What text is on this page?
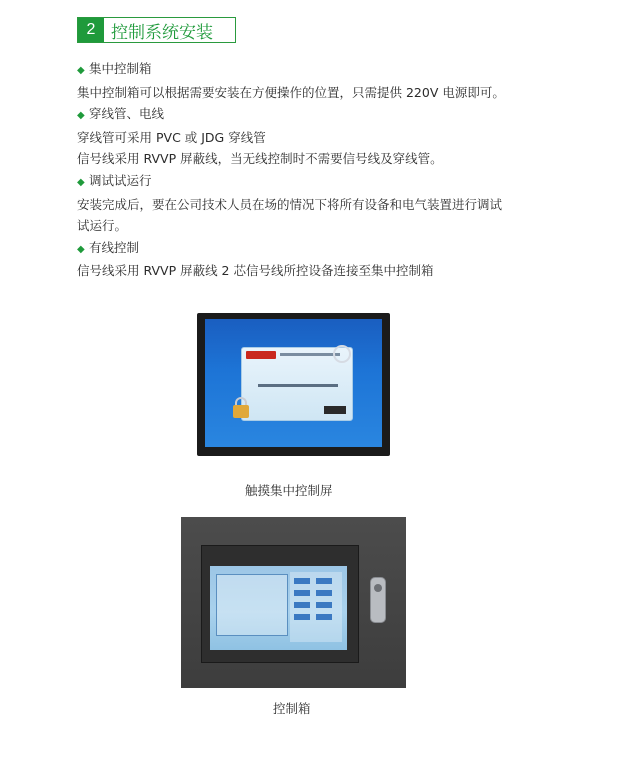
2 控制系统安装
◆ 集中控制箱
集中控制箱可以根据需要安装在方便操作的位置，只需提供 220V 电源即可。
◆ 穿线管、电线
穿线管可采用 PVC 或 JDG 穿线管
信号线采用 RVVP 屏蔽线，当无线控制时不需要信号线及穿线管。
◆ 调试试运行
安装完成后，要在公司技术人员在场的情况下将所有设备和电气装置进行调试
试运行。
◆ 有线控制
信号线采用 RVVP 屏蔽线 2 芯信号线所控设备连接至集中控制箱
触摸集中控制屏
控制箱
